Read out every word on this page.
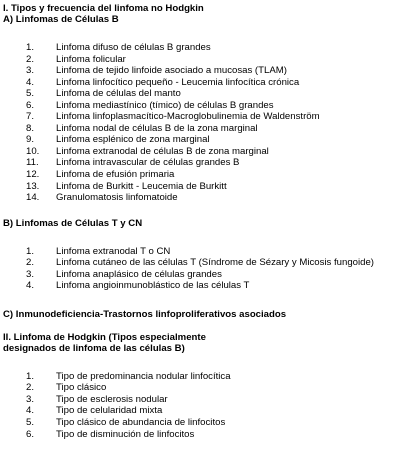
I. Tipos y frecuencia del linfoma no Hodgkin

A) Linfomas de Células B

1.	Linfoma difuso de células B grandes
2.	Linfoma folicular
3.	Linfoma de tejido linfoide asociado a mucosas (TLAM)
4.	Linfoma linfocítico pequeño - Leucemia linfocítica crónica
5.	Linfoma de células del manto
6.	Linfoma mediastínico (tímico) de células B grandes
7.	Linfoma linfoplasmacítico-Macroglobulinemia de Waldenström
8.	Linfoma nodal de células B de la zona marginal
9.	Linfoma esplénico de zona marginal
10.	Linfoma extranodal de células B de zona marginal
11.	Linfoma intravascular de células grandes B
12.	Linfoma de efusión primaria
13.	Linfoma de Burkitt - Leucemia de Burkitt
14.	Granulomatosis linfomatoide

B) Linfomas de Células T y CN

1.	Linfoma extranodal T o CN
2.	Linfoma cutáneo de las células T (Síndrome de Sézary y Micosis fungoide)
3.	Linfoma anaplásico de células grandes
4.	Linfoma angioinmunoblástico de las células T

C) Inmunodeficiencia-Trastornos linfoproliferativos asociados

II. Linfoma de Hodgkin (Tipos especialmente

designados de linfoma de las células B)

1.	Tipo de predominancia nodular linfocítica
2.	Tipo clásico
3.	Tipo de esclerosis nodular
4.	Tipo de celularidad mixta
5.	Tipo clásico de abundancia de linfocitos
6.	Tipo de disminución de linfocitos
